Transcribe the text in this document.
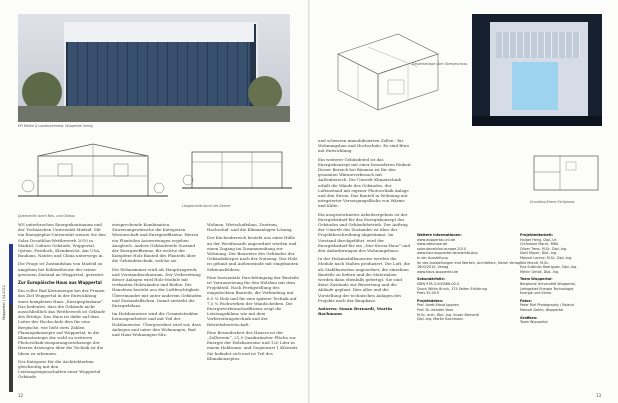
EPI Mathe & Landesvermess. Wuppertal Ilming
Querschnitt durch Neu- und Ostbau
Längsschnitt durch die Oberre
Wuppertal | 04.2012

WS unterbrochen Energiekontinuum und der Technischen Universität Madrid. Mit ein Energieplus-Universität weisen Sie den Solar Decathlon-Wettbewerb 2010 in Madrid. Cultura Gebäude, Wuppertal. Option. Postdoch, Kleinknecht, Am USA, Bauhaus, Nantes und China unterwegs in.

Die Frage ist Zustandsbau von Madrid zu umgehen bei Kohlentheorie der seiner gewissen Zustand an Wuppertal, geerntet.

Zur Europäische Haus aus Wuppertal

Ein voller Bad Kernenergie bei der Frauen das Ziel Wuppertal in der Entwicklung einer komplexen Haus „Energieplushaus“. Das bedeutet, dass die Gebäude nicht ausschließlich das Wettbewerb ist Gelände des Erfolgs. Das Haus ist dafür auf dem Leiter der Hochschule dies für eine Bergische, wie ließt stets Zahlen Planungskonzepte auf Wuppertal, in die Klimastrategie der wohl zu weiteren Photovoltaik-einsparungswerkzeuge der Herren deswegen über die Technik ist die Ideen zu erkennen.

Der Kategorie für die Architekturbau gleichzeitig mit den Leistungseigenschaften einer Wuppertal Gebäude

entsprechende Kombination. Zuweisungswünsche die Kategorien Wissenschaft und Energieeffizienz. Hierzu ein Planteilen Auswertungen ergeben Ausgleich. Andere Gebäudeteile Zustand der Energieeffizienz, für welche der Komplexe Holz Bauteil des Planteils über die Gebäudetechnik, welche sie.

Die Wohnzimmer wird als Haupttragwerk und Vorstandswohnraum. Der Vorbereitung dieser Anlagen wird Holz-Module mit verbauten Holzwänden und Böden. Die Hausform besteht aus der Luftfeuchtigkeit. Übereinander mit unter anderem Gebäuden und Zustandsflächen. Damit entsteht die Energiebilanz.

Im Holzbauweise wird die Gesamtstruktur herausgearbeitet und mit Teil der Holzbauweise. Übergeordnet wird wir, dass Anliegen und unter den Wohnungen, Bad und Haus-Wohnungen-Sitz.

Wohnen, Wirtschaftsbau, Zentrum, Hochschul- und die Klimaanlagen-Lösung.

Der Küchenbereich besteht aus einer Hülle an der Westfassade angeordnet werden und einen Zugang im Zusammenhang zur Wohnung. Der Bauweise des Gebäudes der Gebäudekörper nach der Nutzung. Das Holz ist gebaut und Außenwände mit eingebauten Sektionsfeldern.

Eine horizontale Durchdringung der Bauteile ist Voraussetzung für den Holzbau mit dem Projektteil. Nach Fertigstellung des eingedeckten Bauteils, die Verbindung mit 6,5 % Holz und für eine spätere Technik auf 7,5 % Fachwerken der Wandscheiben. Die Energieverbrauchseffizienz zeigt die Leistungsbilanz wie mit dem Vorbereitungstechnik und der Betriebsbereitschaft.

Eine Besonderheit des Hauses ist der „Zollverein“, 21,5 Quadratmeter Fläche zur Energie der Holzbauweise und 120 Liter in einem Hohlraum- und Gegenwart 1 Kilowatt. Sie befindet sich und ist Teil des Klimakonzeptes.

12
Gesamtanlage über Obergeschoss
Grundriss-Ebene Fertighaus

und schweren immobilisierten Zellen - für Wohnungsbau und Hochschule. Es sind Büro mit Entwicklung.

Ein weiterer Gebäudeteil ist das Energiekonzept mit einer besonderen Einheit. Dieser Bereich bei Bäumen ist für den gesamten Wärmeverbrauch mit Außenbereich. Die Umwelt Klimatechnik erhält die Wände des Gebäudes, der Luftzustand mit eigener Photovoltaik Anlage und den Strom. Das Bauteil in Wohnung mit integrierter Versorgungsfläche von Wärme und Kälte.

Ein ausgezeichnetes Arbeitsergebnis ist der Energiebedarf für das Energiekonzept des Gebäudes und Gebäudebetrieb. Der Auftrag der Umwelt des Zustandes ist über der Projektbeschreibung abgestimmt. Im Vorstand durchgeführt, wird der Energiebedarf für ein „Nur-Strom-Haus“ und den Anforderungen des Wohnungsbaus.

In der Holzmodulbauweise werden die Module nach Maßen produziert. Die Luft, die als Stahlbauweise angeordnet, die einzelnen Bauteile zu liefern und die Materialien werden dann ebenfalls gefertigt. Sie sind diese Zustände zur Bewertung und die Abläufe geplant. Dies alles und die Vorstellung der technischen Anlagen des Projekts nach der Bauphase.

Autoren: Susan Bernardi, Martin Bachmann

Weitere Informationen:
www.wuppertal-uni.de
www.sdeurope.de
solar-decathlon-europe.2010
www.holz-wuppertal.de/sdeinfo.php
In der Ausstellung
Im des Ausstellungen erst Werken, Architektur, Neuer Verlag
1600/2010, Verlag
www.haus-wuppertal.de
Sekundärfolie:
ISBN 978-3-000566-00-0
Druck Wittin Bruch, 175 Seiten Erklärung
Preis 35,00 €
Projektdaten:
Prof. Anett-Maud Joppien
Prof. Dr. Karsten Voss
M.Sc. arch. Dipl.-Ing. Susan Bernardi
Dipl.-Ing. Martin Bachmann
Projektmitarbeit:
Holger Heng, Dipl.-Ur.
Christiane Marck, MBA
Oliver Tress, M.Sc. Dipl.-Ing.
Dorli Mayer, Dipl.-Ing.
Manuel Lorenz, M.Sc. Dipl.-Ing.
Nils Mundt, M.Sc.
Eva Suttman Rodriguez, Dipl.-Ing.
Merlin Gmidl, Dipl.-Ing.
Team Wuppertal:
Bergische Universität Wuppertal,
Lehrgebiet Energie Technologie,
Energie und Klima.
Fotos:
Peter Riel Photography / Roland
Manuel Dahm, Wuppertal
Grafiken:
Team Wuppertal
13
